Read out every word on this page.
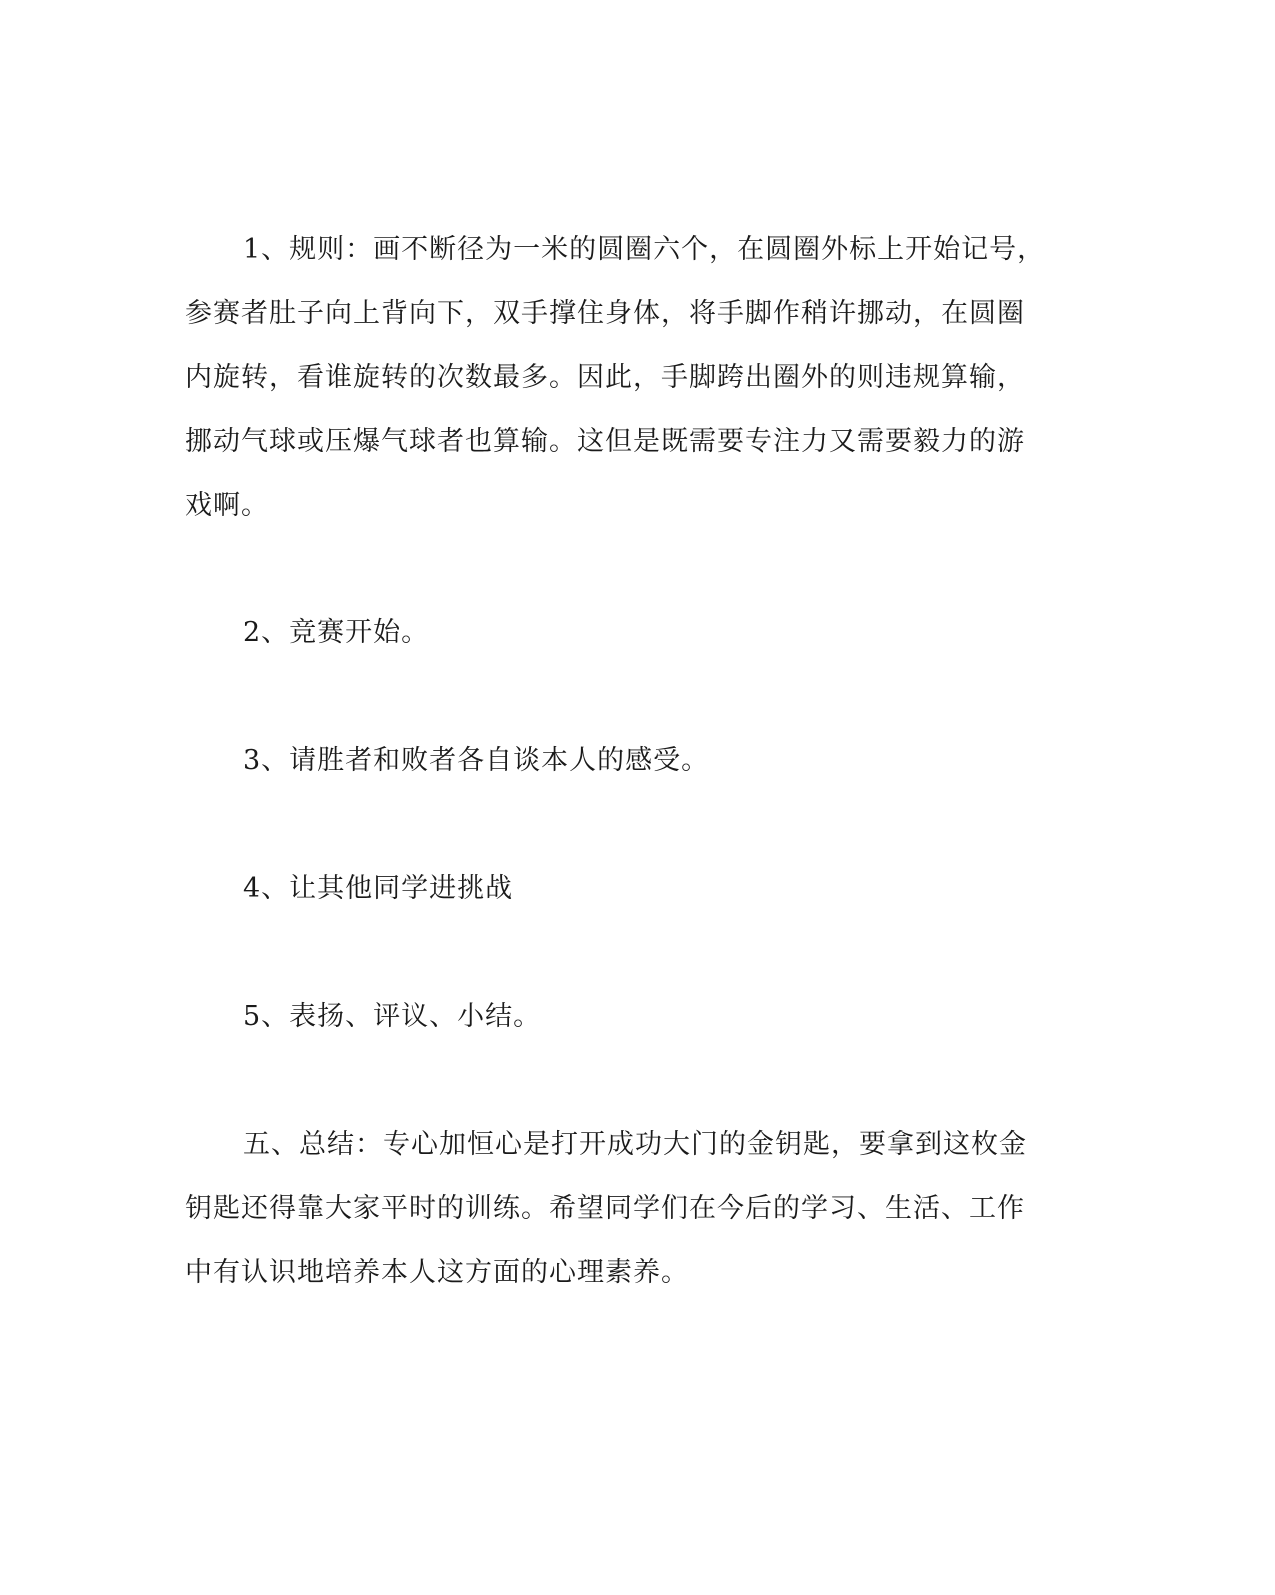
1、规则：画不断径为一米的圆圈六个，在圆圈外标上开始记号，
参赛者肚子向上背向下，双手撑住身体，将手脚作稍许挪动，在圆圈
内旋转，看谁旋转的次数最多。因此，手脚跨出圈外的则违规算输，
挪动气球或压爆气球者也算输。这但是既需要专注力又需要毅力的游
戏啊。
2、竞赛开始。
3、请胜者和败者各自谈本人的感受。
4、让其他同学进挑战
5、表扬、评议、小结。
五、总结：专心加恒心是打开成功大门的金钥匙，要拿到这枚金
钥匙还得靠大家平时的训练。希望同学们在今后的学习、生活、工作
中有认识地培养本人这方面的心理素养。
